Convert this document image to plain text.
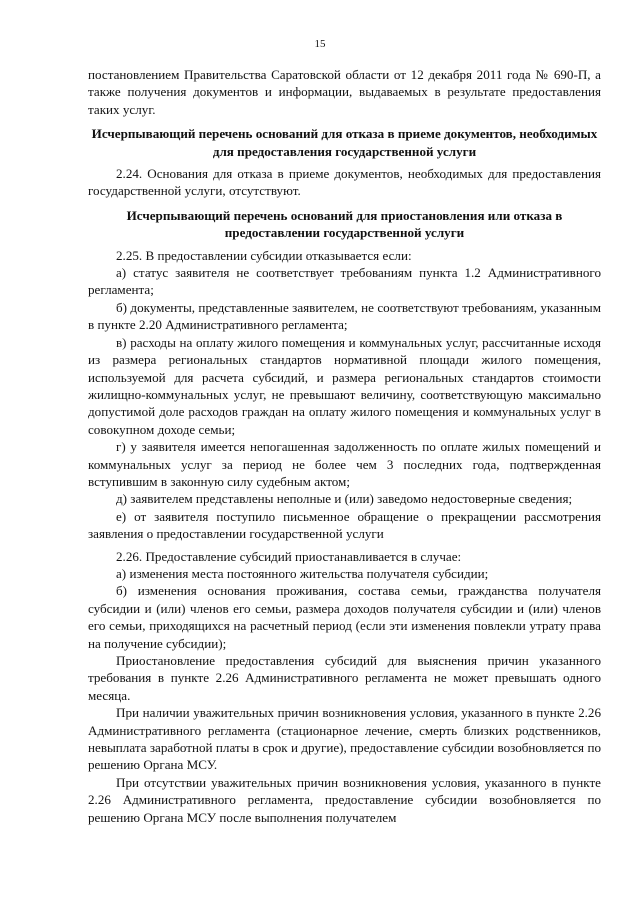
15

постановлением Правительства Саратовской области от 12 декабря 2011 года № 690-П, а также получения документов и информации, выдаваемых в результате предоставления таких услуг.

Исчерпывающий перечень оснований для отказа в приеме документов, необходимых для предоставления государственной услуги

2.24. Основания для отказа в приеме документов, необходимых для предоставления государственной услуги, отсутствуют.

Исчерпывающий перечень оснований для приостановления или отказа в предоставлении государственной услуги

2.25. В предоставлении субсидии отказывается если:

а) статус заявителя не соответствует требованиям пункта 1.2 Административного регламента;

б) документы, представленные заявителем, не соответствуют требованиям, указанным в пункте 2.20 Административного регламента;

в) расходы на оплату жилого помещения и коммунальных услуг, рассчитанные исходя из размера региональных стандартов нормативной площади жилого помещения, используемой для расчета субсидий, и размера региональных стандартов стоимости жилищно-коммунальных услуг, не превышают величину, соответствующую максимально допустимой доле расходов граждан на оплату жилого помещения и коммунальных услуг в совокупном доходе семьи;

г) у заявителя имеется непогашенная задолженность по оплате жилых помещений и коммунальных услуг за период не более чем 3 последних года, подтвержденная вступившим в законную силу судебным актом;

д) заявителем представлены неполные и (или) заведомо недостоверные сведения;

е) от заявителя поступило письменное обращение о прекращении рассмотрения заявления о предоставлении государственной услуги

2.26. Предоставление субсидий приостанавливается в случае:

а) изменения места постоянного жительства получателя субсидии;

б) изменения основания проживания, состава семьи, гражданства получателя субсидии и (или) членов его семьи, размера доходов получателя субсидии и (или) членов его семьи, приходящихся на расчетный период (если эти изменения повлекли утрату права на получение субсидии);

Приостановление предоставления субсидий для выяснения причин указанного требования в пункте 2.26 Административного регламента не может превышать одного месяца.

При наличии уважительных причин возникновения условия, указанного в пункте 2.26 Административного регламента (стационарное лечение, смерть близких родственников, невыплата заработной платы в срок и другие), предоставление субсидии возобновляется по решению Органа МСУ.

При отсутствии уважительных причин возникновения условия, указанного в пункте 2.26 Административного регламента, предоставление субсидии возобновляется по решению Органа МСУ после выполнения получателем
